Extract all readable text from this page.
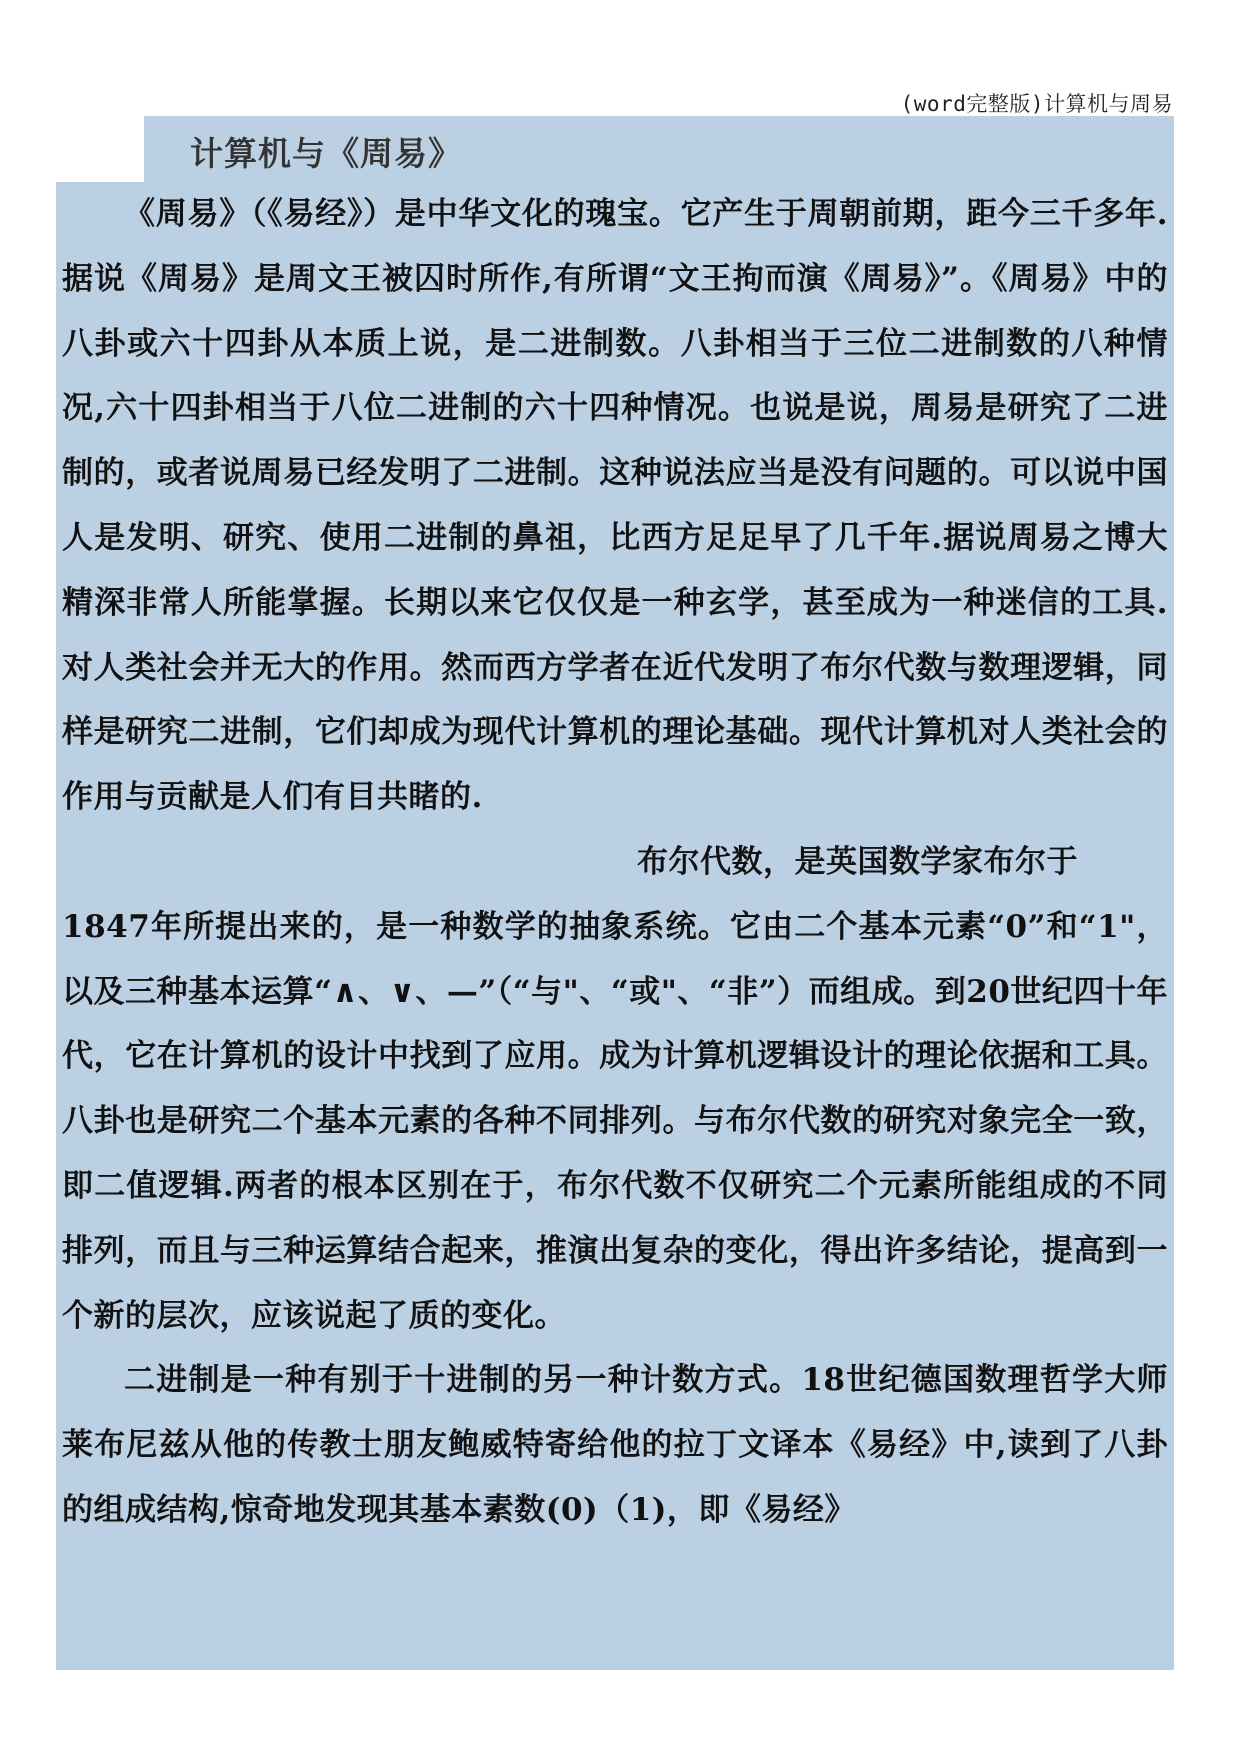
(word完整版)计算机与周易
计算机与《周易》

《周易》（《易经》）是中华文化的瑰宝。它产生于周朝前期，距今三千多年.据说《周易》是周文王被囚时所作,有所谓“文王拘而演《周易》”。《周易》中的八卦或六十四卦从本质上说，是二进制数。八卦相当于三位二进制数的八种情况,六十四卦相当于八位二进制的六十四种情况。也说是说，周易是研究了二进制的，或者说周易已经发明了二进制。这种说法应当是没有问题的。可以说中国人是发明、研究、使用二进制的鼻祖，比西方足足早了几千年.据说周易之博大精深非常人所能掌握。长期以来它仅仅是一种玄学，甚至成为一种迷信的工具.对人类社会并无大的作用。然而西方学者在近代发明了布尔代数与数理逻辑，同样是研究二进制，它们却成为现代计算机的理论基础。现代计算机对人类社会的作用与贡献是人们有目共睹的.

布尔代数，是英国数学家布尔于
1847年所提出来的，是一种数学的抽象系统。它由二个基本元素“0”和“1"，以及三种基本运算“∧、∨、—”（“与"、“或"、“非”）而组成。到20世纪四十年代，它在计算机的设计中找到了应用。成为计算机逻辑设计的理论依据和工具。八卦也是研究二个基本元素的各种不同排列。与布尔代数的研究对象完全一致，即二值逻辑.两者的根本区别在于，布尔代数不仅研究二个元素所能组成的不同排列，而且与三种运算结合起来，推演出复杂的变化，得出许多结论，提高到一个新的层次，应该说起了质的变化。

二进制是一种有别于十进制的另一种计数方式。18世纪德国数理哲学大师莱布尼兹从他的传教士朋友鲍威特寄给他的拉丁文译本《易经》中,读到了八卦的组成结构,惊奇地发现其基本素数(0)（1)，即《易经》
